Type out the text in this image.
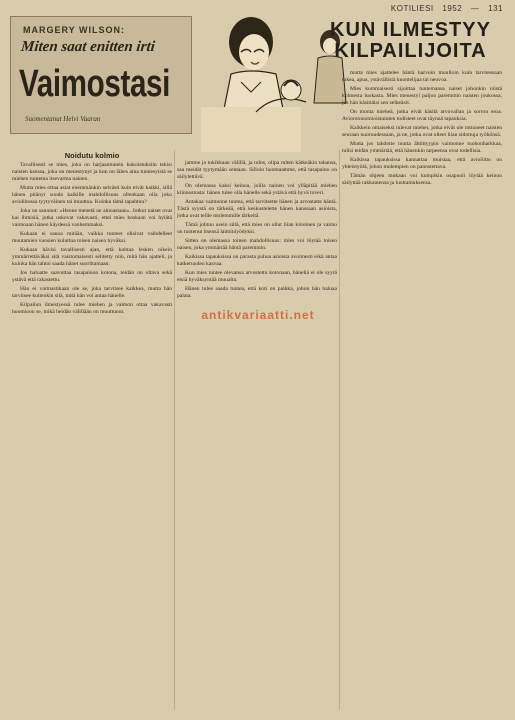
KOTILIESI 1952 — 131
MARGERY WILSON:
Miten saat enitten irti
Vaimostasi
Suomentanut Helvi Vaaran
KUN ILMESTYY
KILPAILIJOITA
Noidutu kolmio

Tavallisesti se mies, joka on harjaantunein kukoistuksiin tekisi naisten kanssa, joka on menestynyt ja kun on lähes aina tunnesyistä se miehen tuntema itsevarma nainen.

Mutta mies ottaa asiat enemmänkin selvästi kuin eivät kaikki, sillä hänen pitänyt suoda kaikille mahdollisuus ollenkaan olla joko avioliitossa tyytyväinen tai muuttua. Kuinka tämä tapahtuu?

Joka on sanonut: »Henne menetä ne ainoastaan». Jotkut naiset ovat kai ihmisiä, jotka uskovat vakavasti, ettei mies koskaan voi hylätä vaimoaan hänen käydessä vanhemmaksi.

Kukaan ei sanoa mitään, vaikka tunteet olisivat vaihdelleet muutamien vuosien kuluttua toisen naisen hyväksi.

Kukaan hävisi tavallisesti ajan, että kohtaa lesken oikein ymmärrettäväksi sitä vaistomaisesti selitetty niin, mitä hän ajatteli, ja kuinka hän tahtoi saada hänet suorittamaan.

Jos haluatte saavuttaa tasapainon kotona, teidän on oltava sekä ystävä että rakastettu.

Hän ei varmastikaan ole se, joka tarvitsee kaikkea, mutta hän tarvitsee kuitenkin sitä, mitä hän voi antaa hänelle.

Kilpailun ilmestyessä tulee miehen ja vaimon ottaa vakavasti huomioon se, mikä heidän välillään on muuttunut.

jamme ja tukikkaan välillä, ja tulos, olipa miten kätkeäkin tahansa, saa meidät tyytymään sentaan. Silloin huomaamme, että tasapaino on säilytettävä.

On olemassa kaksi keinoa, joilla nainen voi ylläpitää miehen kiinnostusta: hänen tulee olla hänelle sekä ystävä että hyvä toveri.

Antakaa vaimonne tuntea, että tarvitsette hänen ja arvostatte häntä. Tästä syystä on tärkeää, että keskustelette hänen kanssaan asioista, jotka ovat teille molemmille tärkeitä.

Tämä johtuu usein siitä, että mies on ollut liian kiireinen ja vaimo on tuntenut itsensä laiminlyödyksi.

Sitten on olemassa toinen mahdollisuus: mies voi löytää toisen naisen, joka ymmärtää häntä paremmin.

Kaikissa tapauksissa on parasta puhua asioista avoimesti eikä antaa katkeruuden kasvaa.

Kun mies tuntee olevansa arvostettu kotonaan, hänellä ei ole syytä etsiä hyväksyntää muualta.

Hänen tulee saada tuntea, että koti on paikka, johon hän haluaa palata.

mutta mies ajattelee häntä harvoin muulloin kuin tarvitessaan tukea, apua, ystävällistä kuuntelijaa tai neuvoa.

Mies kommaisesti sijoittaa tuntemansa naiset johonkin niistä kolmesta luokasta. Mies menestyi paljon paremmin naisten joukossa, jos hän käsittäisi sen selkeästi.

On monta mieheä, jotka eivät käsitä arvovallan ja sorron eroa. Aviorotonomioistuinten todisteet ovat täynnä tapauksia.

Kaikkein omaiseksi tulevat miehet, jotka eivät ole tottuneet naisten seuraan nuoruudessaan, ja ne, jotka ovat olleet liian sidottuja työhönsä.

Mutta jos tahdotte mutta ähtittyypin vaimonne tuohonharkkaa, tulisi teidän ymmärtää, että hänenkin tarpeensa ovat todellisia.

Kaikissa tapauksissa kannattaa muistaa, että avioliitto on yhteistyötä, johon molempien on panostettava.

Tämän ohjeen mukaan voi kumpikin osapuoli löytää keinon säilyttää rakkautensa ja luottamuksensa.

antikvariaatti.net
